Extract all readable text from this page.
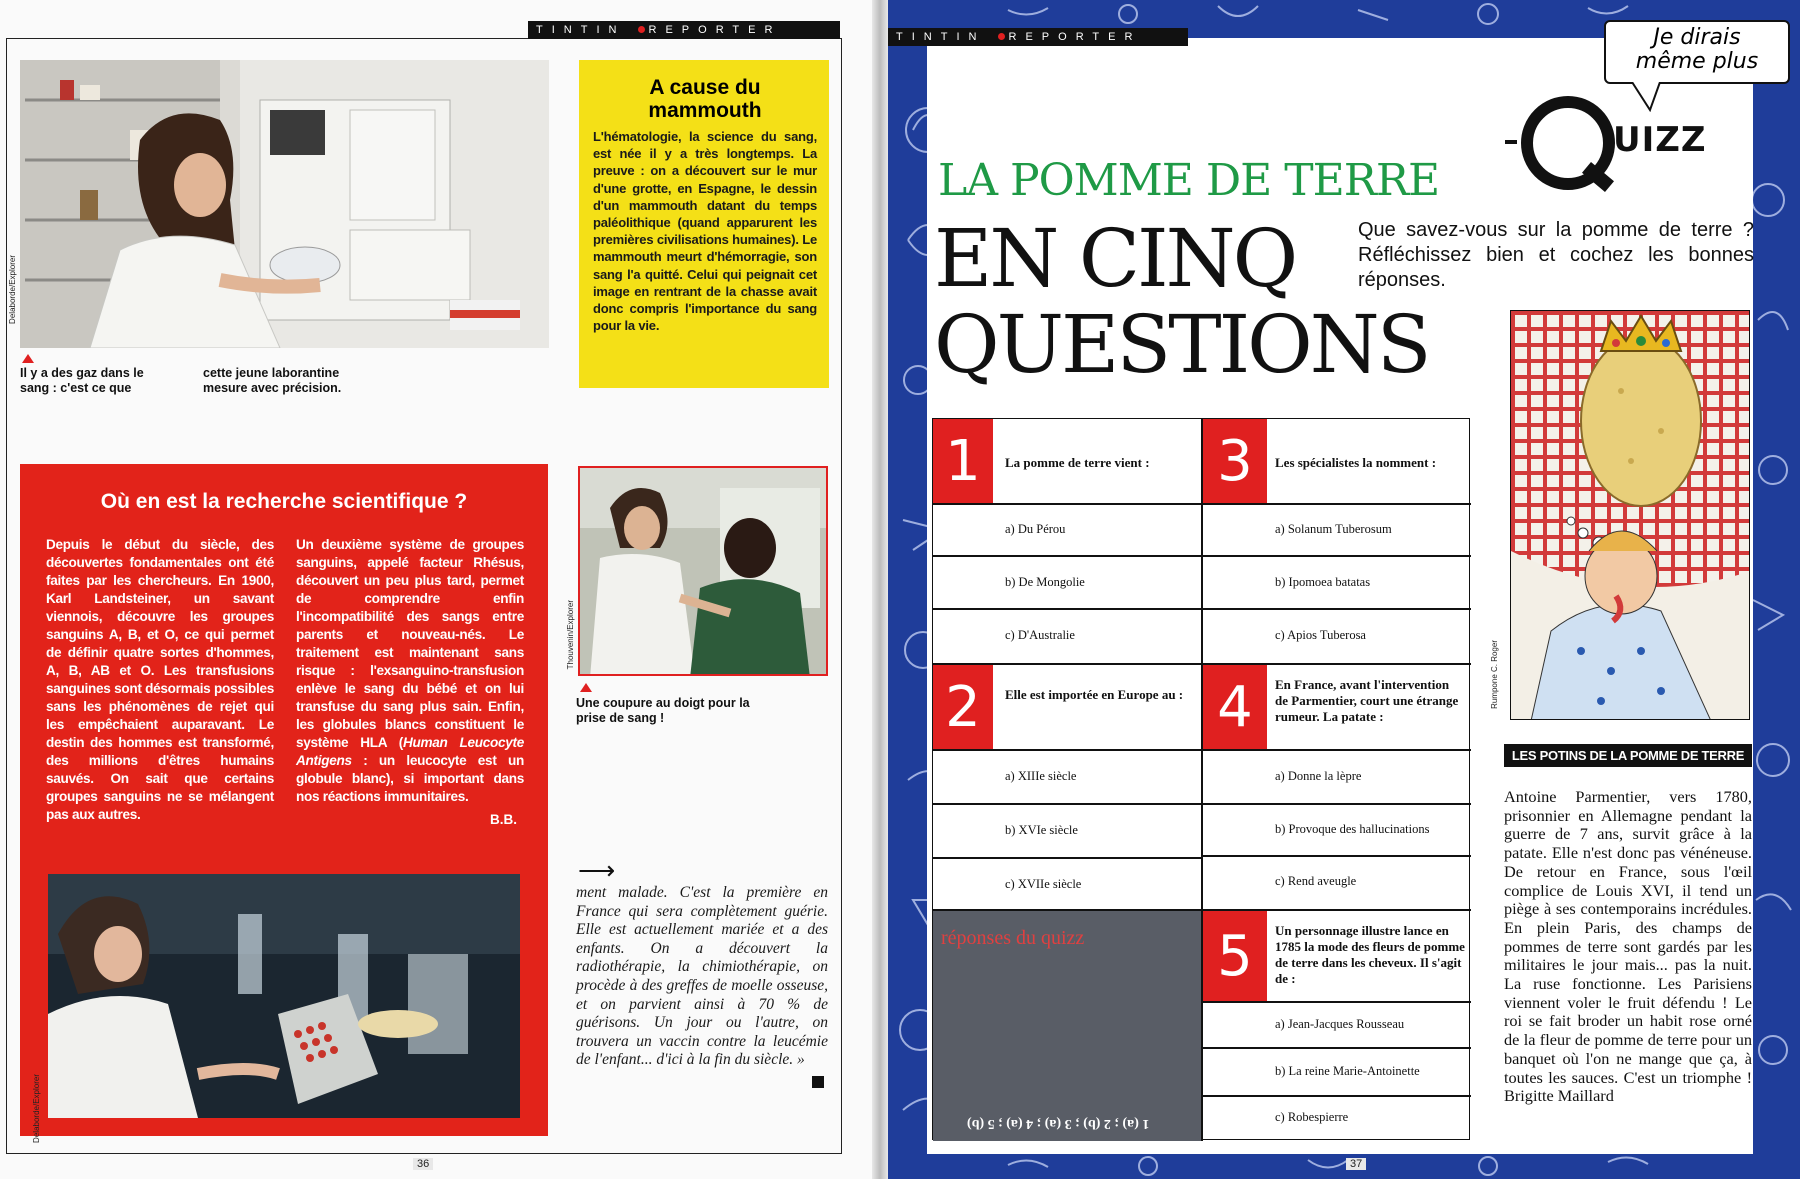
TINTIN REPORTER
Delaborde/Explorer
Il y a des gaz dans le sang : c'est ce que
cette jeune laborantine mesure avec précision.
A cause du mammouth

L'hématologie, la science du sang, est née il y a très longtemps. La preuve : on a découvert sur le mur d'une grotte, en Espagne, le dessin d'un mammouth datant du temps paléolithique (quand apparurent les premières civilisations humaines). Le mammouth meurt d'hémorragie, son sang l'a quitté. Celui qui peignait cet image en rentrant de la chasse avait donc compris l'importance du sang pour la vie.

Où en est la recherche scientifique ?

Depuis le début du siècle, des découvertes fondamentales ont été faites par les chercheurs. En 1900, Karl Landsteiner, un savant viennois, découvre les groupes sanguins A, B, et O, ce qui permet de définir quatre sortes d'hommes, A, B, AB et O. Les transfusions sanguines sont désormais possibles sans les phénomènes de rejet qui les empêchaient auparavant. Le destin des hommes est transformé, des millions d'êtres humains sauvés. On sait que certains groupes sanguins ne se mélangent pas aux autres.

Un deuxième système de groupes sanguins, appelé facteur Rhésus, découvert un peu plus tard, permet de comprendre enfin l'incompatibilité des sangs entre parents et nouveau-nés. Le traitement est maintenant sans risque : l'exsanguino-transfusion enlève le sang du bébé et on lui transfuse du sang plus sain. Enfin, les globules blancs constituent le système HLA (Human Leucocyte Antigens : un leucocyte est un globule blanc), si important dans nos réactions immunitaires.

B.B.
Delaborde/Explorer
Thouvenin/Explorer
Une coupure au doigt pour la prise de sang !
⟶
ment malade. C'est la première en France qui sera complètement guérie. Elle est actuellement mariée et a des enfants. On a découvert la radiothérapie, la chimiothérapie, on procède à des greffes de moelle osseuse, et on parvient ainsi à 70 % de guérisons. Un jour ou l'autre, on trouvera un vaccin contre la leucémie de l'enfant... d'ici à la fin du siècle. »
36
TINTIN REPORTER	Je dirais
même plus
UIZZ
LA POMME DE TERRE
EN CINQ
QUESTIONS
Que savez-vous sur la pomme de terre ? Réfléchissez bien et cochez les bonnes réponses.
1	La pomme de terre vient :
a) Du Pérou
b) De Mongolie
c) D'Australie
3	Les spécialistes la nomment :
a) Solanum Tuberosum
b) Ipomoea batatas
c) Apios Tuberosa
2	Elle est importée en Europe au :
a) XIIIe siècle
b) XVIe siècle
c) XVIIe siècle
4	En France, avant l'intervention de Parmentier, court une étrange rumeur. La patate :
a) Donne la lèpre
b) Provoque des hallucinations
c) Rend aveugle
réponses du quizz
1 (a) ; 2 (b) ; 3 (a) ; 4 (a) ; 5 (b)
5	Un personnage illustre lance en 1785 la mode des fleurs de pomme de terre dans les cheveux. Il s'agit de :
a) Jean-Jacques Rousseau
b) La reine Marie-Antoinette
c) Robespierre
Rumpone C. Roger
LES POTINS DE LA POMME DE TERRE
Antoine Parmentier, vers 1780, prisonnier en Allemagne pendant la guerre de 7 ans, survit grâce à la patate. Elle n'est donc pas vénéneuse. De retour en France, sous l'œil complice de Louis XVI, il tend un piège à ses contemporains incrédules. En plein Paris, des champs de pommes de terre sont gardés par les militaires le jour mais... pas la nuit. La ruse fonctionne. Les Parisiens viennent voler le fruit défendu ! Le roi se fait broder un habit rose orné de la fleur de pomme de terre pour un banquet où l'on ne mange que ça, à toutes les sauces. C'est un triomphe ! Brigitte Maillard
37
